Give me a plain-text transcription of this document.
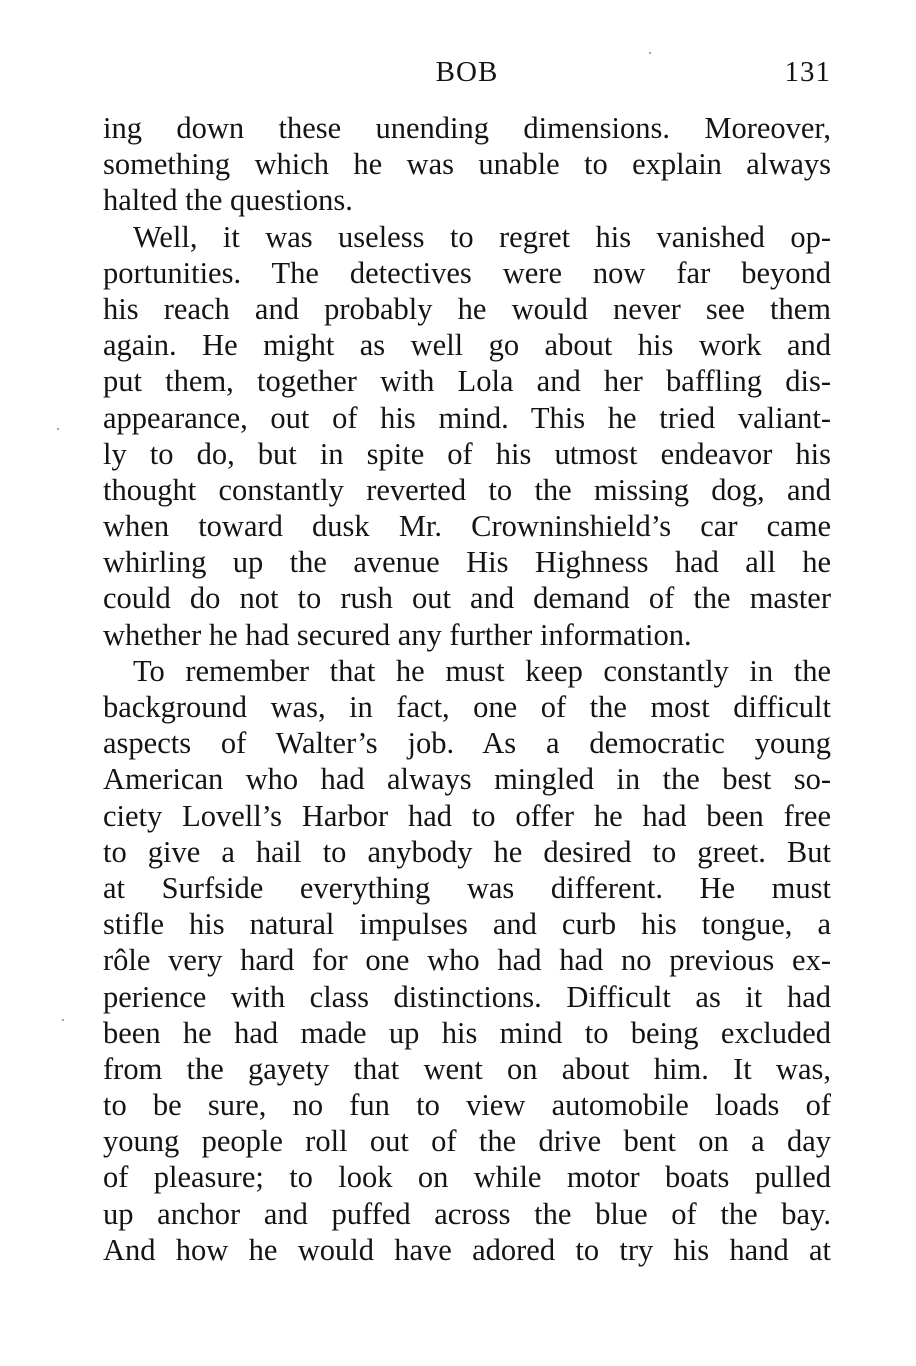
BOB	131
ing down these unending dimensions. Moreover,
something which he was unable to explain always
halted the questions.
Well, it was useless to regret his vanished op-
portunities. The detectives were now far beyond
his reach and probably he would never see them
again. He might as well go about his work and
put them, together with Lola and her baffling dis-
appearance, out of his mind. This he tried valiant-
ly to do, but in spite of his utmost endeavor his
thought constantly reverted to the missing dog, and
when toward dusk Mr. Crowninshield’s car came
whirling up the avenue His Highness had all he
could do not to rush out and demand of the master
whether he had secured any further information.
To remember that he must keep constantly in the
background was, in fact, one of the most difficult
aspects of Walter’s job. As a democratic young
American who had always mingled in the best so-
ciety Lovell’s Harbor had to offer he had been free
to give a hail to anybody he desired to greet. But
at Surfside everything was different. He must
stifle his natural impulses and curb his tongue, a
rôle very hard for one who had had no previous ex-
perience with class distinctions. Difficult as it had
been he had made up his mind to being excluded
from the gayety that went on about him. It was,
to be sure, no fun to view automobile loads of
young people roll out of the drive bent on a day
of pleasure; to look on while motor boats pulled
up anchor and puffed across the blue of the bay.
And how he would have adored to try his hand at
